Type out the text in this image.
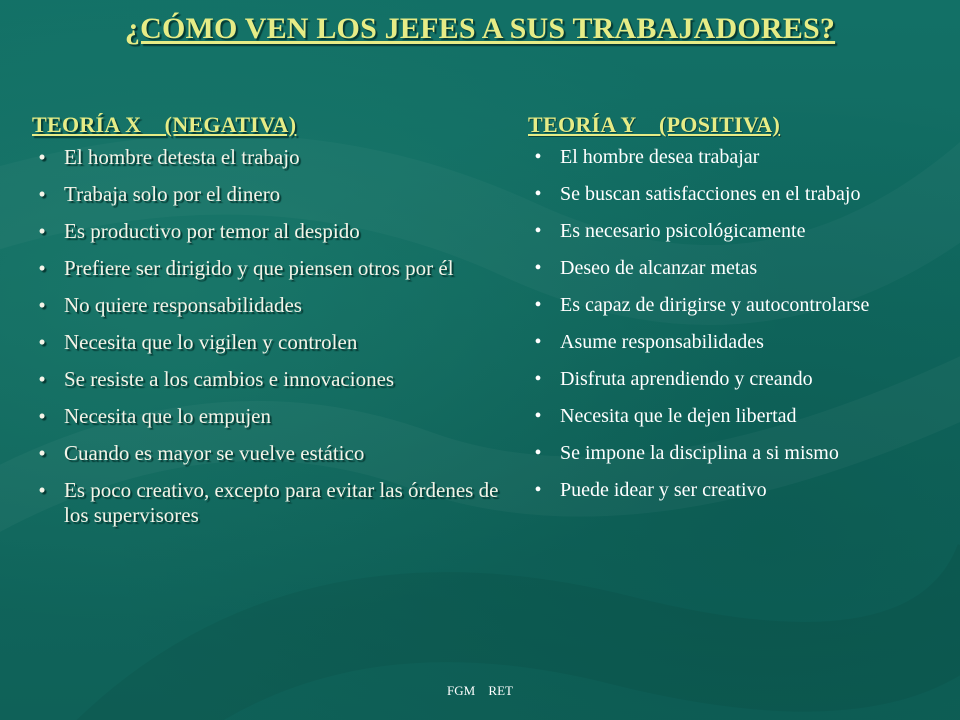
¿CÓMO VEN LOS JEFES A SUS TRABAJADORES?
TEORÍA X    (NEGATIVA)
• El hombre detesta el trabajo
• Trabaja solo por el dinero
• Es productivo por temor al despido
• Prefiere ser dirigido y que piensen otros por él
• No quiere responsabilidades
• Necesita que lo vigilen y controlen
• Se resiste a los cambios e innovaciones
• Necesita que lo empujen
• Cuando es mayor se vuelve estático
• Es poco creativo, excepto para evitar las órdenes de los supervisores
TEORÍA Y    (POSITIVA)
• El hombre desea trabajar
• Se buscan satisfacciones en el trabajo
• Es necesario psicológicamente
• Deseo de alcanzar metas
• Es capaz de dirigirse y autocontrolarse
• Asume responsabilidades
• Disfruta aprendiendo y creando
• Necesita que le dejen libertad
• Se impone la disciplina a si mismo
• Puede idear y ser creativo
FGM RET
